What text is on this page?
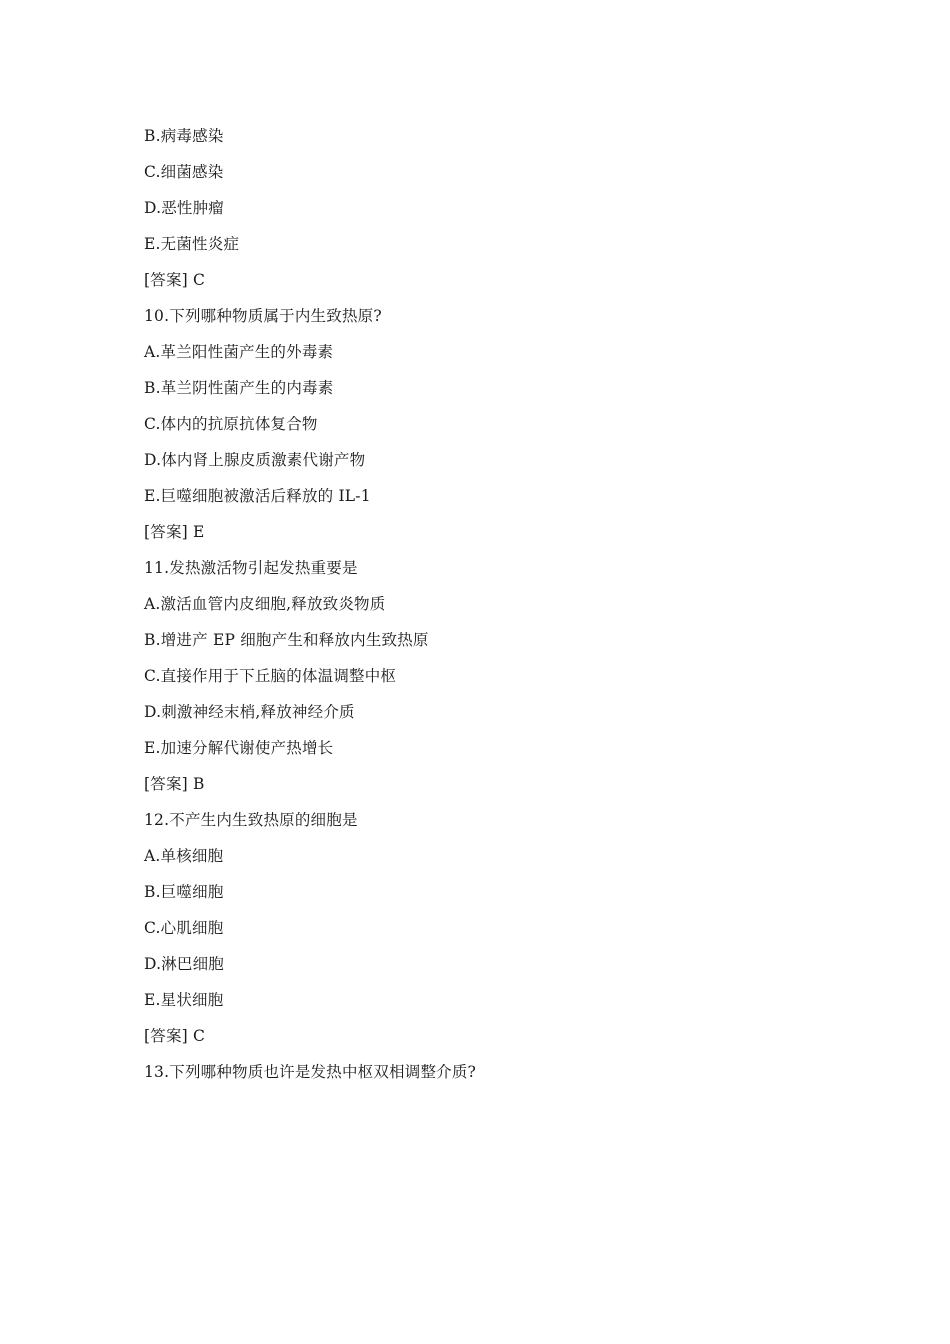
B.病毒感染
C.细菌感染
D.恶性肿瘤
E.无菌性炎症
[答案] C
10.下列哪种物质属于内生致热原?
A.革兰阳性菌产生的外毒素
B.革兰阴性菌产生的内毒素
C.体内的抗原抗体复合物
D.体内肾上腺皮质激素代谢产物
E.巨噬细胞被激活后释放的 IL-1
[答案] E
11.发热激活物引起发热重要是
A.激活血管内皮细胞,释放致炎物质
B.增进产 EP 细胞产生和释放内生致热原
C.直接作用于下丘脑的体温调整中枢
D.刺激神经末梢,释放神经介质
E.加速分解代谢使产热增长
[答案] B
12.不产生内生致热原的细胞是
A.单核细胞
B.巨噬细胞
C.心肌细胞
D.淋巴细胞
E.星状细胞
[答案] C
13.下列哪种物质也许是发热中枢双相调整介质?
